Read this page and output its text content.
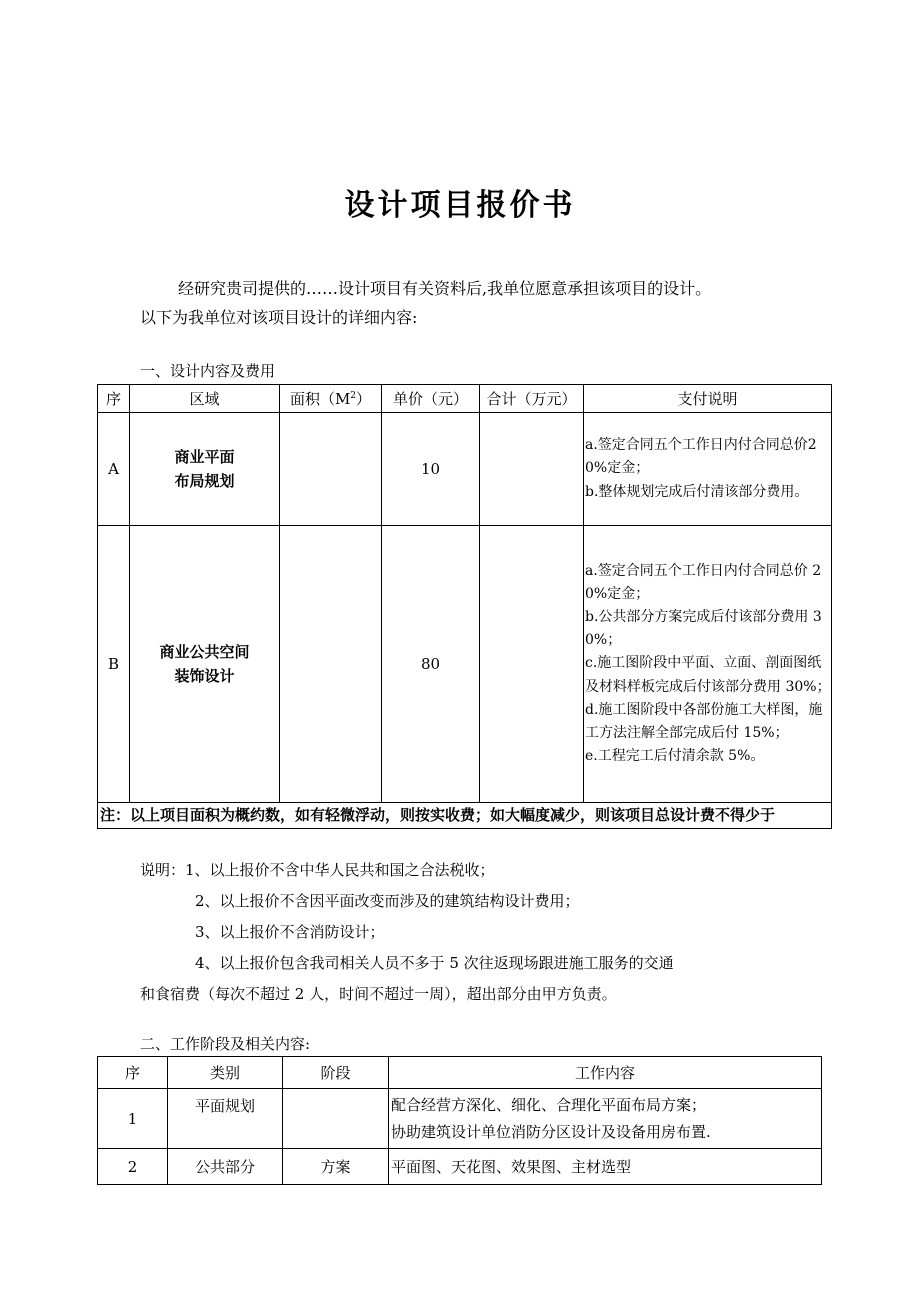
设计项目报价书
经研究贵司提供的……设计项目有关资料后,我单位愿意承担该项目的设计。
以下为我单位对该项目设计的详细内容:
一、设计内容及费用
序	区域	面积$(M^2)$	单价（元）	合计（万元）	支付说明
A	商业平面
布局规划		10		a.签定合同五个工作日内付合同总价20%定金；
b.整体规划完成后付清该部分费用。
B	商业公共空间
装饰设计		80		a.签定合同五个工作日内付合同总价 20%定金；
b.公共部分方案完成后付该部分费用 30%；
c.施工图阶段中平面、立面、剖面图纸及材料样板完成后付该部分费用 30%；
d.施工图阶段中各部份施工大样图，施工方法注解全部完成后付 15%；
e.工程完工后付清余款 5%。
注：以上项目面积为概约数，如有轻微浮动，则按实收费；如大幅度减少，则该项目总设计费不得少于					
说明：1、以上报价不含中华人民共和国之合法税收；
2、以上报价不含因平面改变而涉及的建筑结构设计费用；
3、以上报价不含消防设计；
4、以上报价包含我司相关人员不多于 5 次往返现场跟进施工服务的交通
和食宿费（每次不超过 2 人，时间不超过一周），超出部分由甲方负责。
二、工作阶段及相关内容:
序	类别	阶段	工作内容
1	平面规划		配合经营方深化、细化、合理化平面布局方案；
协助建筑设计单位消防分区设计及设备用房布置.
2	公共部分	方案	平面图、天花图、效果图、主材选型
